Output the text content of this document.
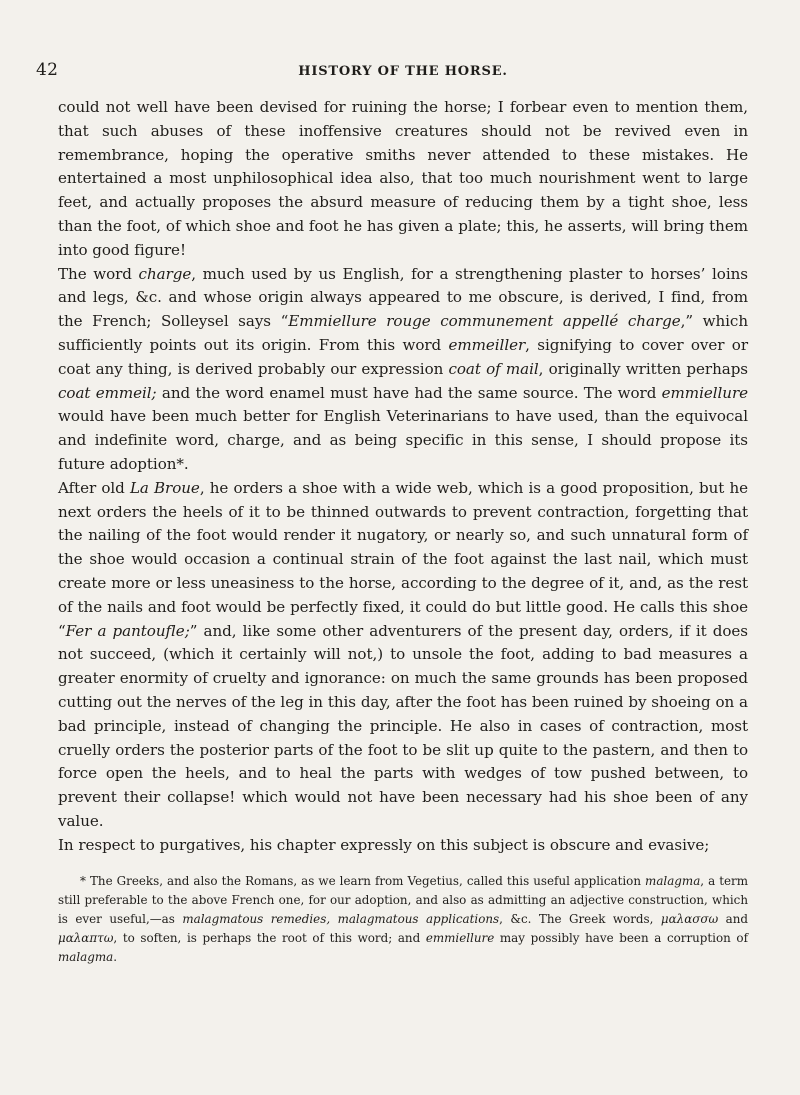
42	HISTORY OF THE HORSE.

could not well have been devised for ruining the horse; I forbear even to mention them, that such abuses of these inoffensive creatures should not be revived even in remembrance, hoping the operative smiths never attended to these mistakes. He entertained a most unphilosophical idea also, that too much nourishment went to large feet, and actually proposes the absurd measure of reducing them by a tight shoe, less than the foot, of which shoe and foot he has given a plate; this, he asserts, will bring them into good figure!

The word charge, much used by us English, for a strengthening plaster to horses’ loins and legs, &c. and whose origin always appeared to me obscure, is derived, I find, from the French; Solleysel says “Emmiellure rouge communement appellé charge,” which sufficiently points out its origin. From this word emmeiller, signifying to cover over or coat any thing, is derived probably our expression coat of mail, originally written perhaps coat emmeil; and the word enamel must have had the same source. The word emmiellure would have been much better for English Veterinarians to have used, than the equivocal and indefinite word, charge, and as being specific in this sense, I should propose its future adoption*.

After old La Broue, he orders a shoe with a wide web, which is a good proposition, but he next orders the heels of it to be thinned outwards to prevent contraction, forgetting that the nailing of the foot would render it nugatory, or nearly so, and such unnatural form of the shoe would occasion a continual strain of the foot against the last nail, which must create more or less uneasiness to the horse, according to the degree of it, and, as the rest of the nails and foot would be perfectly fixed, it could do but little good. He calls this shoe “Fer a pantoufle;” and, like some other adventurers of the present day, orders, if it does not succeed, (which it certainly will not,) to unsole the foot, adding to bad measures a greater enormity of cruelty and ignorance: on much the same grounds has been proposed cutting out the nerves of the leg in this day, after the foot has been ruined by shoeing on a bad principle, instead of changing the principle. He also in cases of contraction, most cruelly orders the posterior parts of the foot to be slit up quite to the pastern, and then to force open the heels, and to heal the parts with wedges of tow pushed between, to prevent their collapse! which would not have been necessary had his shoe been of any value.

In respect to purgatives, his chapter expressly on this subject is obscure and evasive;

* The Greeks, and also the Romans, as we learn from Vegetius, called this useful application malagma, a term still preferable to the above French one, for our adoption, and also as admitting an adjective construction, which is ever useful,—as malagmatous remedies, malagmatous applications, &c. The Greek words, μαλασσω and μαλαπτω, to soften, is perhaps the root of this word; and emmiellure may possibly have been a corruption of malagma.
